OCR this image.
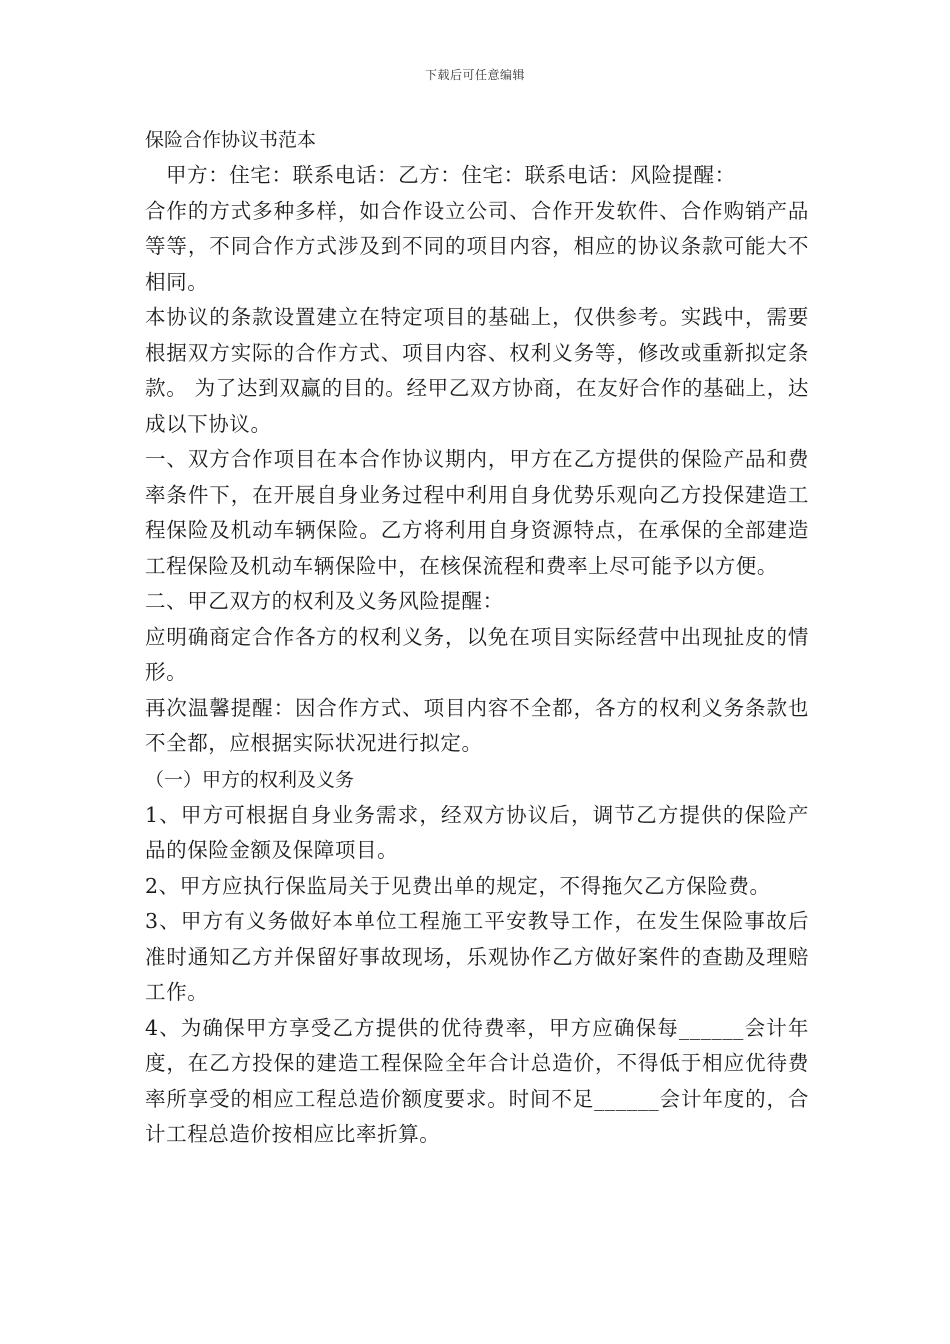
下载后可任意编辑
保险合作协议书范本

甲方：住宅：联系电话：乙方：住宅：联系电话：风险提醒：

合作的方式多种多样，如合作设立公司、合作开发软件、合作购销产品等等，不同合作方式涉及到不同的项目内容，相应的协议条款可能大不相同。

本协议的条款设置建立在特定项目的基础上，仅供参考。实践中，需要根据双方实际的合作方式、项目内容、权利义务等，修改或重新拟定条款。 为了达到双赢的目的。经甲乙双方协商，在友好合作的基础上，达成以下协议。

一、双方合作项目在本合作协议期内，甲方在乙方提供的保险产品和费率条件下，在开展自身业务过程中利用自身优势乐观向乙方投保建造工程保险及机动车辆保险。乙方将利用自身资源特点，在承保的全部建造工程保险及机动车辆保险中，在核保流程和费率上尽可能予以方便。

二、甲乙双方的权利及义务风险提醒：

应明确商定合作各方的权利义务，以免在项目实际经营中出现扯皮的情形。

再次温馨提醒：因合作方式、项目内容不全都，各方的权利义务条款也不全都，应根据实际状况进行拟定。

（一）甲方的权利及义务

1、甲方可根据自身业务需求，经双方协议后，调节乙方提供的保险产品的保险金额及保障项目。

2、甲方应执行保监局关于见费出单的规定，不得拖欠乙方保险费。

3、甲方有义务做好本单位工程施工平安教导工作，在发生保险事故后准时通知乙方并保留好事故现场，乐观协作乙方做好案件的查勘及理赔工作。

4、为确保甲方享受乙方提供的优待费率，甲方应确保每______会计年度，在乙方投保的建造工程保险全年合计总造价，不得低于相应优待费率所享受的相应工程总造价额度要求。时间不足______会计年度的，合计工程总造价按相应比率折算。
